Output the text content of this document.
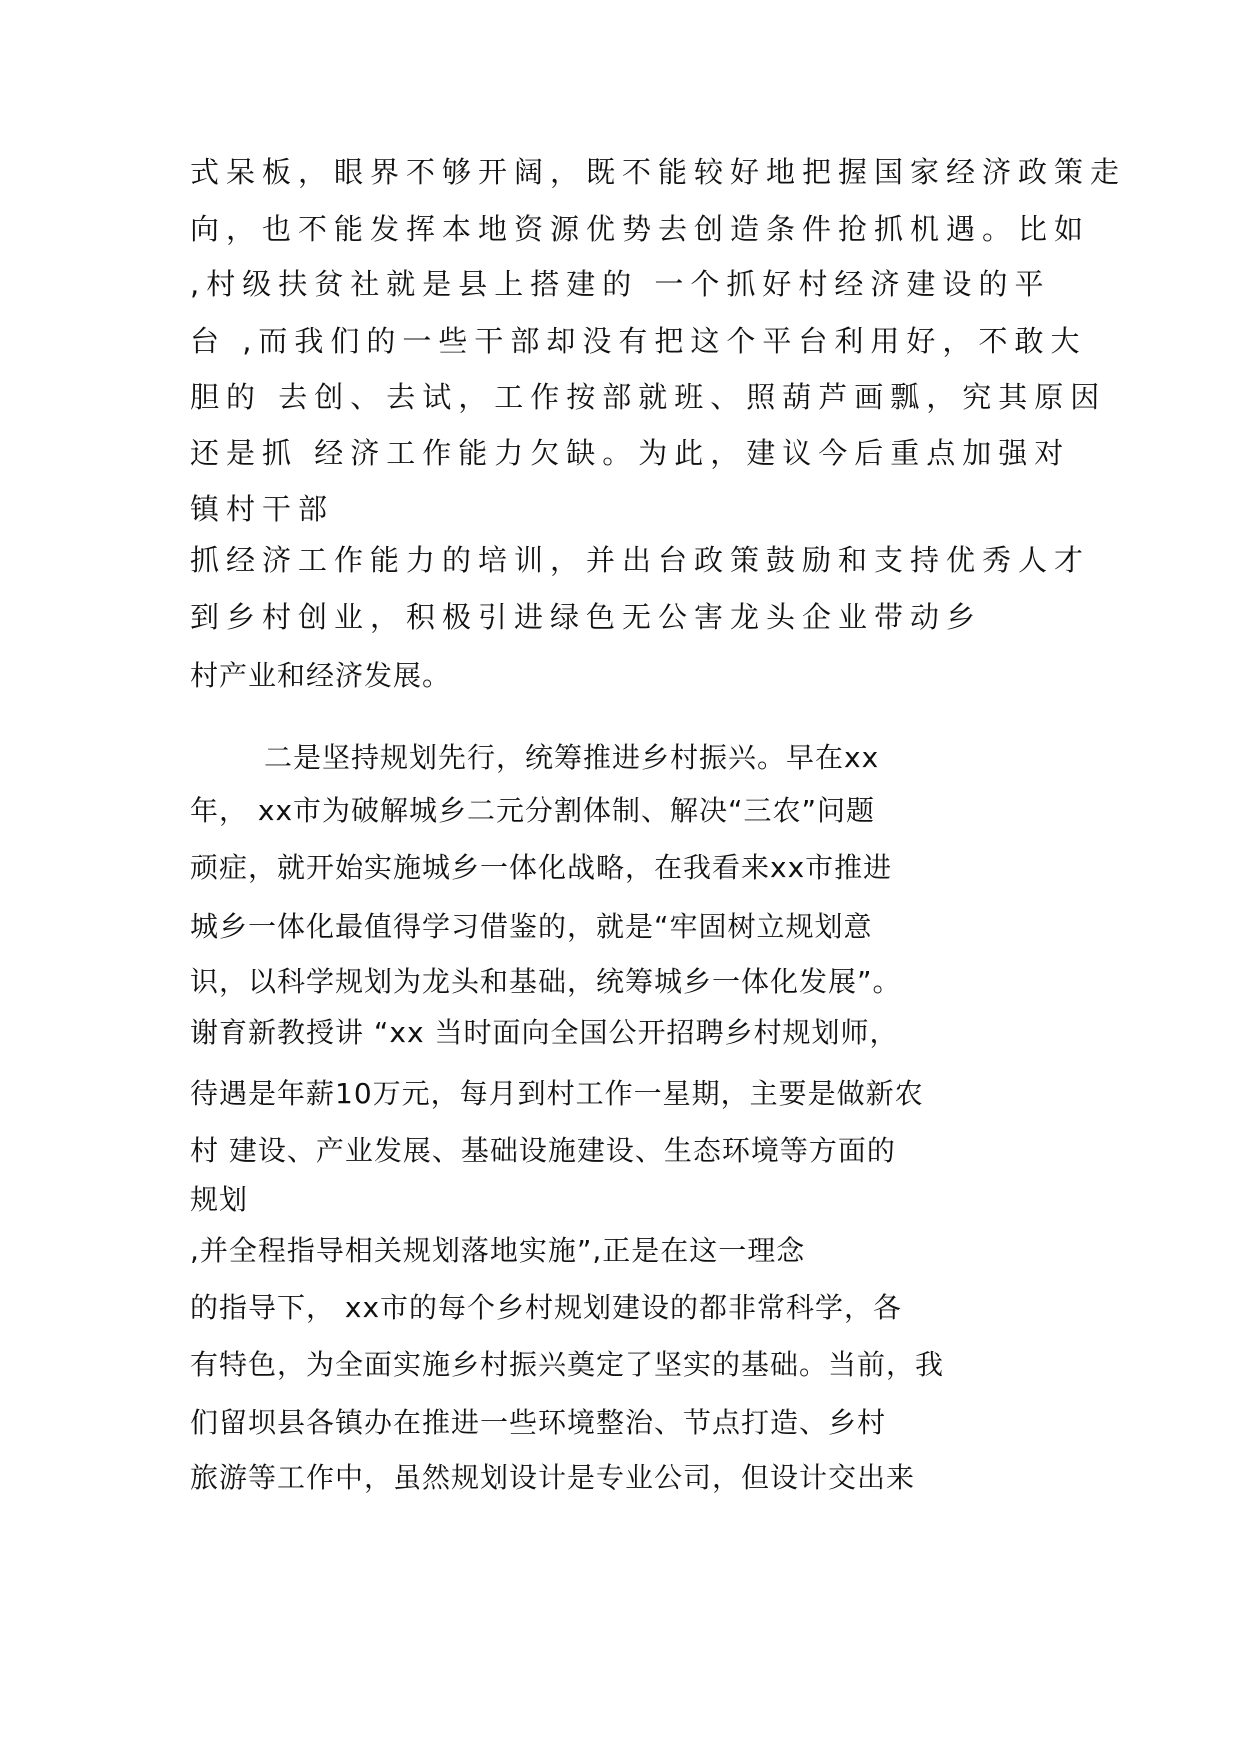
式呆板，眼界不够开阔，既不能较好地把握国家经济政策走
向，也不能发挥本地资源优势去创造条件抢抓机遇。比如
,村级扶贫社就是县上搭建的 一个抓好村经济建设的平
台 ,而我们的一些干部却没有把这个平台利用好，不敢大
胆的 去创、去试，工作按部就班、照葫芦画瓢，究其原因
还是抓 经济工作能力欠缺。为此，建议今后重点加强对
镇村干部
抓经济工作能力的培训，并出台政策鼓励和支持优秀人才
到乡村创业，积极引进绿色无公害龙头企业带动乡
村产业和经济发展。
二是坚持规划先行，统筹推进乡村振兴。早在xx
年， xx市为破解城乡二元分割体制、解决“三农”问题
顽症，就开始实施城乡一体化战略，在我看来xx市推进
城乡一体化最值得学习借鉴的，就是“牢固树立规划意
识，以科学规划为龙头和基础，统筹城乡一体化发展”。
谢育新教授讲 “xx 当时面向全国公开招聘乡村规划师，
待遇是年薪10万元，每月到村工作一星期，主要是做新农
村 建设、产业发展、基础设施建设、生态环境等方面的
规划
,并全程指导相关规划落地实施”,正是在这一理念
的指导下， xx市的每个乡村规划建设的都非常科学，各
有特色，为全面实施乡村振兴奠定了坚实的基础。当前，我
们留坝县各镇办在推进一些环境整治、节点打造、乡村
旅游等工作中，虽然规划设计是专业公司，但设计交出来
